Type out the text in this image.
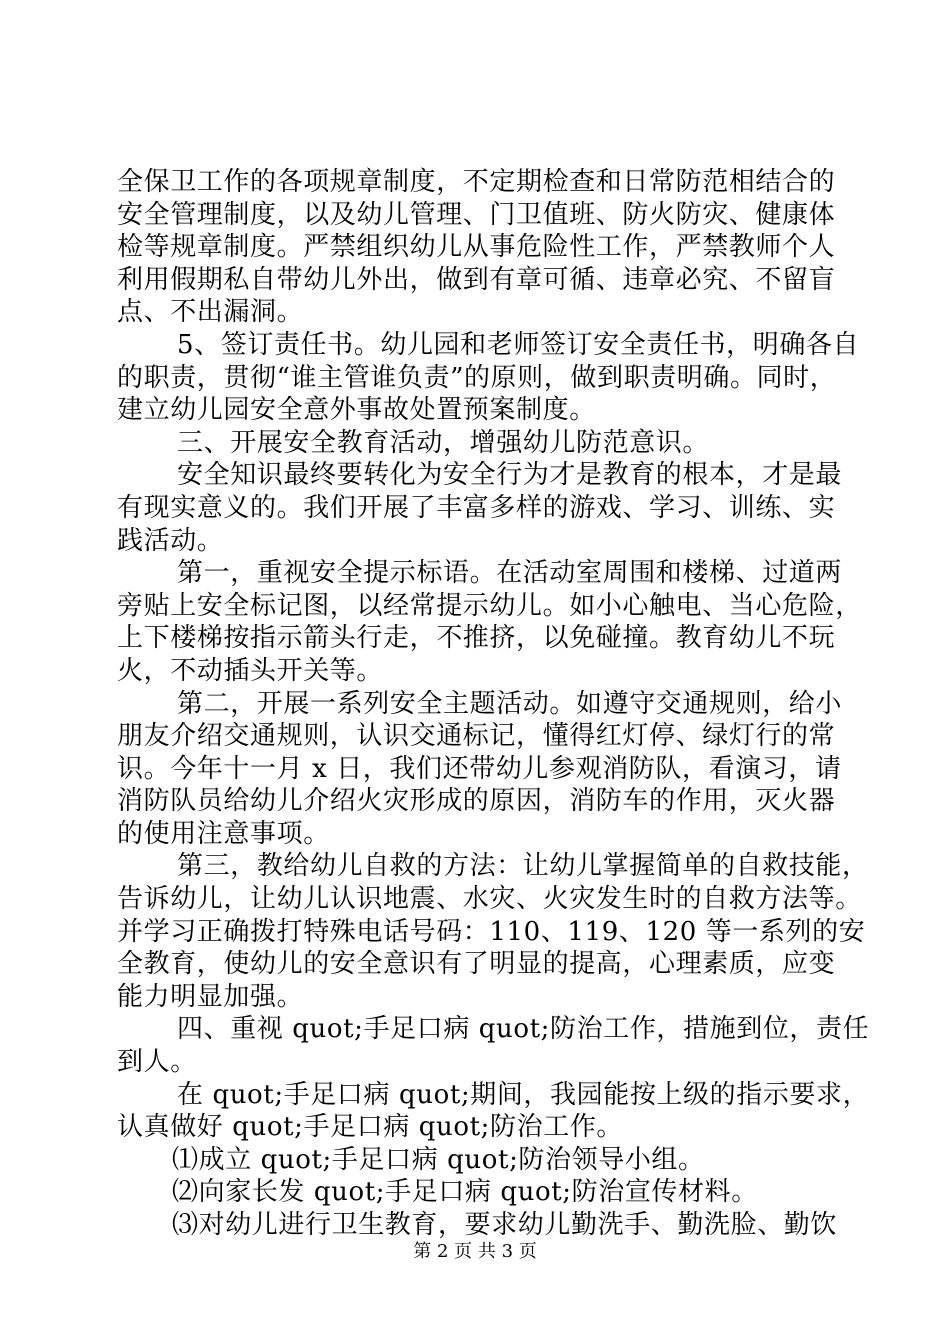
全保卫工作的各项规章制度，不定期检查和日常防范相结合的
安全管理制度，以及幼儿管理、门卫值班、防火防灾、健康体
检等规章制度。严禁组织幼儿从事危险性工作，严禁教师个人
利用假期私自带幼儿外出，做到有章可循、违章必究、不留盲
点、不出漏洞。
5、签订责任书。幼儿园和老师签订安全责任书，明确各自
的职责，贯彻“谁主管谁负责”的原则，做到职责明确。同时，
建立幼儿园安全意外事故处置预案制度。
三、开展安全教育活动，增强幼儿防范意识。
安全知识最终要转化为安全行为才是教育的根本，才是最
有现实意义的。我们开展了丰富多样的游戏、学习、训练、实
践活动。
第一，重视安全提示标语。在活动室周围和楼梯、过道两
旁贴上安全标记图，以经常提示幼儿。如小心触电、当心危险，
上下楼梯按指示箭头行走，不推挤，以免碰撞。教育幼儿不玩
火，不动插头开关等。
第二，开展一系列安全主题活动。如遵守交通规则，给小
朋友介绍交通规则，认识交通标记，懂得红灯停、绿灯行的常
识。今年十一月 x 日，我们还带幼儿参观消防队，看演习，请
消防队员给幼儿介绍火灾形成的原因，消防车的作用，灭火器
的使用注意事项。
第三，教给幼儿自救的方法：让幼儿掌握简单的自救技能，
告诉幼儿，让幼儿认识地震、水灾、火灾发生时的自救方法等。
并学习正确拨打特殊电话号码：110、119、120 等一系列的安
全教育，使幼儿的安全意识有了明显的提高，心理素质，应变
能力明显加强。
四、重视 quot;手足口病 quot;防治工作，措施到位，责任
到人。
在 quot;手足口病 quot;期间，我园能按上级的指示要求，
认真做好 quot;手足口病 quot;防治工作。
⑴成立 quot;手足口病 quot;防治领导小组。
⑵向家长发 quot;手足口病 quot;防治宣传材料。
⑶对幼儿进行卫生教育，要求幼儿勤洗手、勤洗脸、勤饮
第 2 页 共 3 页
